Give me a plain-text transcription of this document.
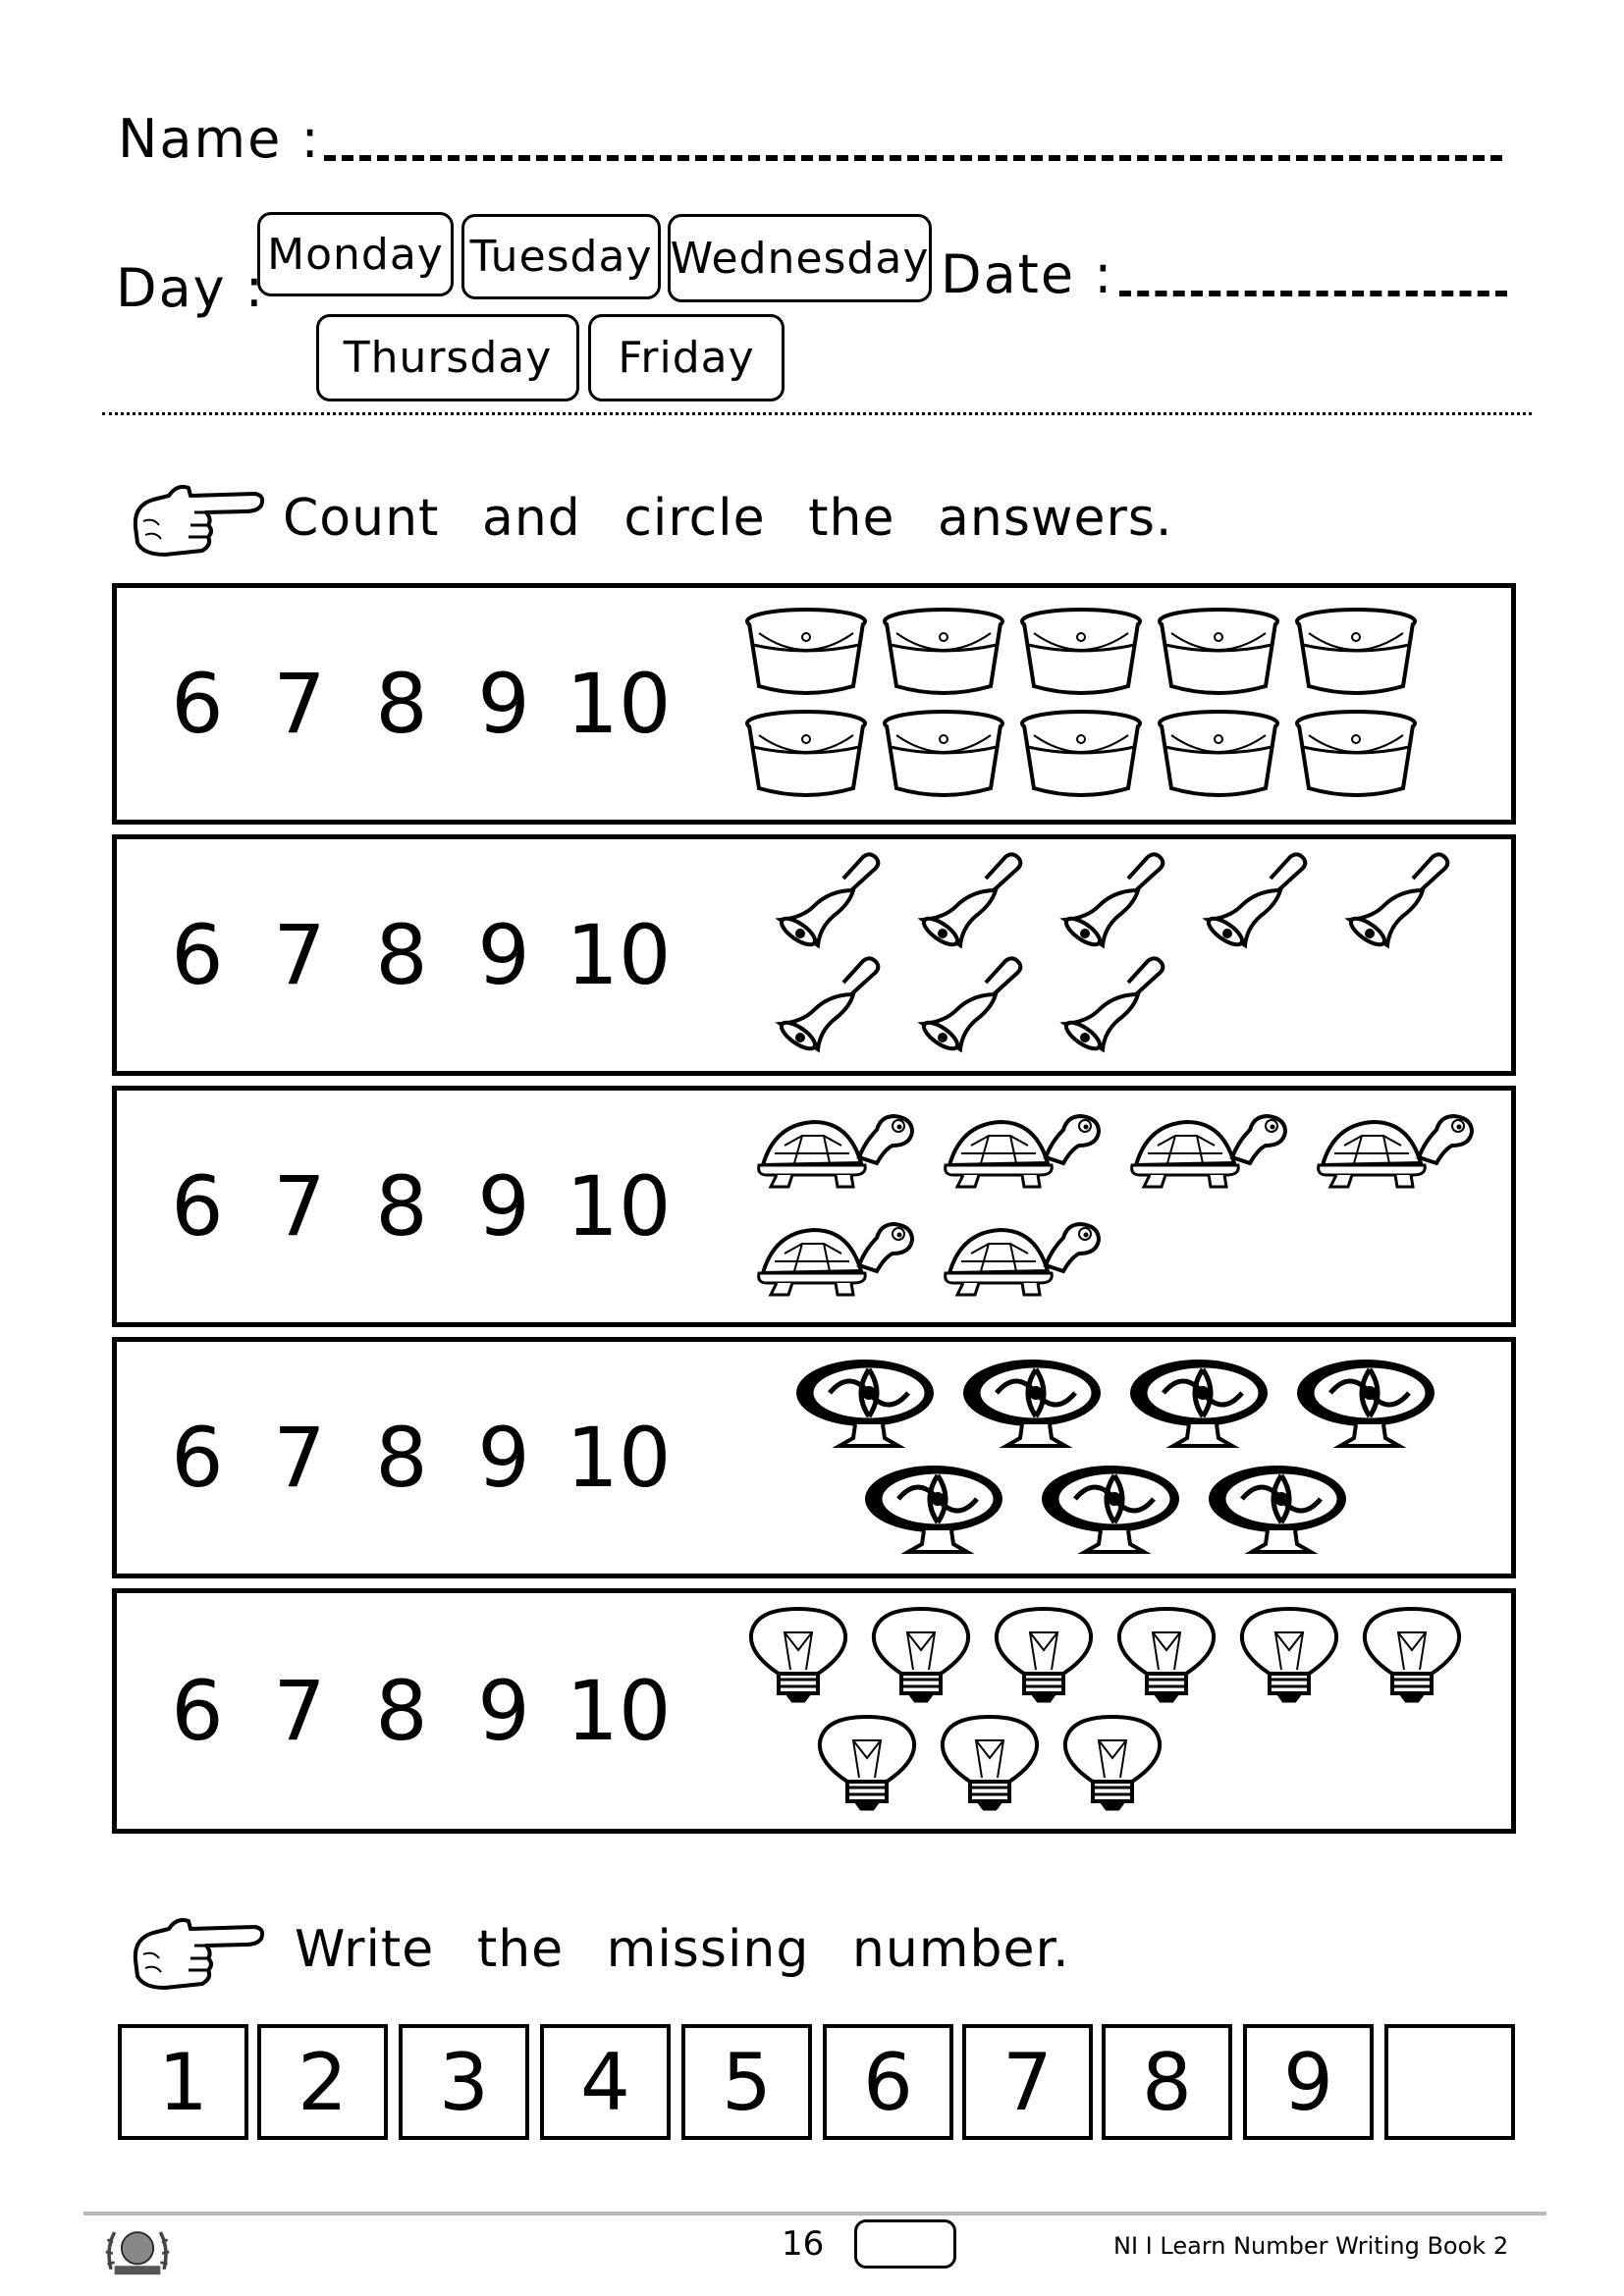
Name :
Day :
Monday Tuesday Wednesday
Thursday	Friday
Date :
Count and circle the answers.
6 7 8 9 10
6 7 8 9 10
6 7 8 9 10
6 7 8 9 10
6 7 8 9 10
Write the missing number.
1	2	3	4	5	6	7	8	9
16	NI I Learn Number Writing Book 2
